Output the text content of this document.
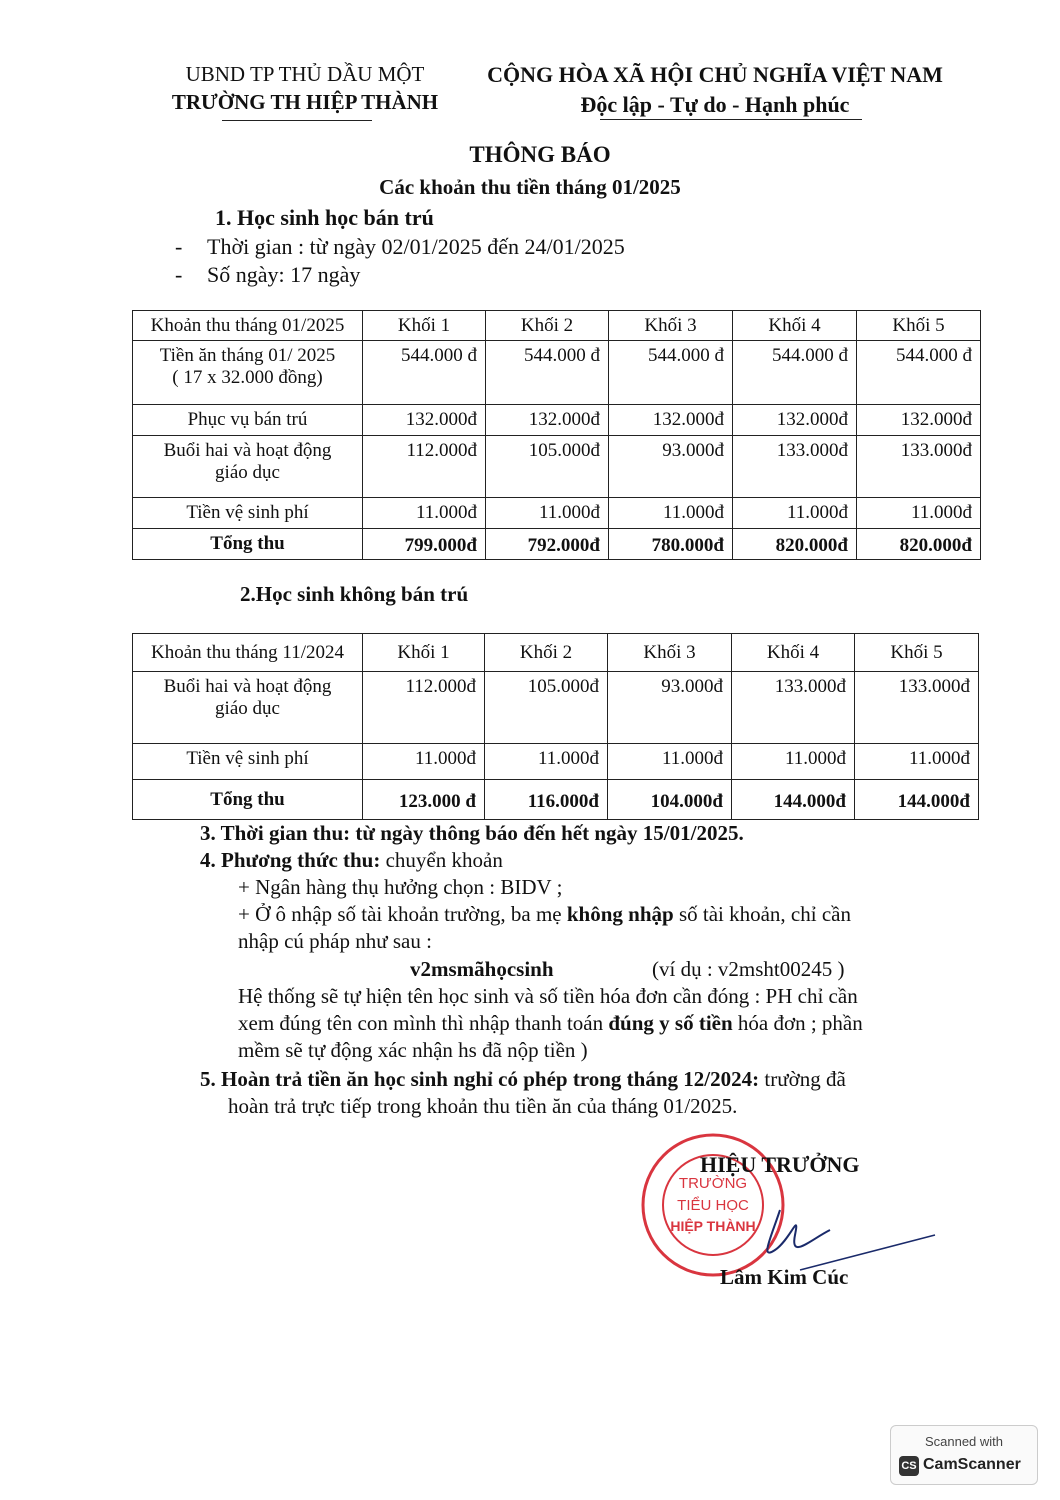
UBND TP THỦ DẦU MỘT
TRƯỜNG TH HIỆP THÀNH
CỘNG HÒA XÃ HỘI CHỦ NGHĨA VIỆT NAM
Độc lập - Tự do - Hạnh phúc
THÔNG BÁO
Các khoản thu tiền tháng 01/2025
1. Học sinh học bán trú
- Thời gian : từ ngày 02/01/2025 đến 24/01/2025
- Số ngày: 17 ngày
Khoản thu tháng 01/2025	Khối 1	Khối 2	Khối 3	Khối 4	Khối 5

Tiền ăn tháng 01/ 2025
( 17 x 32.000 đồng)	544.000 đ	544.000 đ	544.000 đ	544.000 đ	544.000 đ

Phục vụ bán trú	132.000đ	132.000đ	132.000đ	132.000đ	132.000đ

Buổi hai và hoạt động
giáo dục	112.000đ	105.000đ	93.000đ	133.000đ	133.000đ

Tiền vệ sinh phí	11.000đ	11.000đ	11.000đ	11.000đ	11.000đ
Tổng thu	799.000đ	792.000đ	780.000đ	820.000đ	820.000đ
2.Học sinh không bán trú
Khoản thu tháng 11/2024	Khối 1	Khối 2	Khối 3	Khối 4	Khối 5

Buổi hai và hoạt động
giáo dục	112.000đ	105.000đ	93.000đ	133.000đ	133.000đ

Tiền vệ sinh phí	11.000đ	11.000đ	11.000đ	11.000đ	11.000đ
Tổng thu	123.000 đ	116.000đ	104.000đ	144.000đ	144.000đ
3. Thời gian thu: từ ngày thông báo đến hết ngày 15/01/2025.
4. Phương thức thu: chuyển khoản
+ Ngân hàng thụ hưởng chọn : BIDV ;
+ Ở ô nhập số tài khoản trường, ba mẹ không nhập số tài khoản, chỉ cần
nhập cú pháp như sau :
v2msmãhọcsinh	(ví dụ : v2msht00245 )
Hệ thống sẽ tự hiện tên học sinh và số tiền hóa đơn cần đóng : PH chỉ cần
xem đúng tên con mình thì nhập thanh toán đúng y số tiền hóa đơn ; phần
mềm sẽ tự động xác nhận hs đã nộp tiền )
5. Hoàn trả tiền ăn học sinh nghỉ có phép trong tháng 12/2024: trường đã
hoàn trả trực tiếp trong khoản thu tiền ăn của tháng 01/2025.
TRƯỜNG
TIỂU HỌC
HIỆP THÀNH
HIỆU TRƯỞNG
Lâm Kim Cúc
Scanned with
CS CamScanner
